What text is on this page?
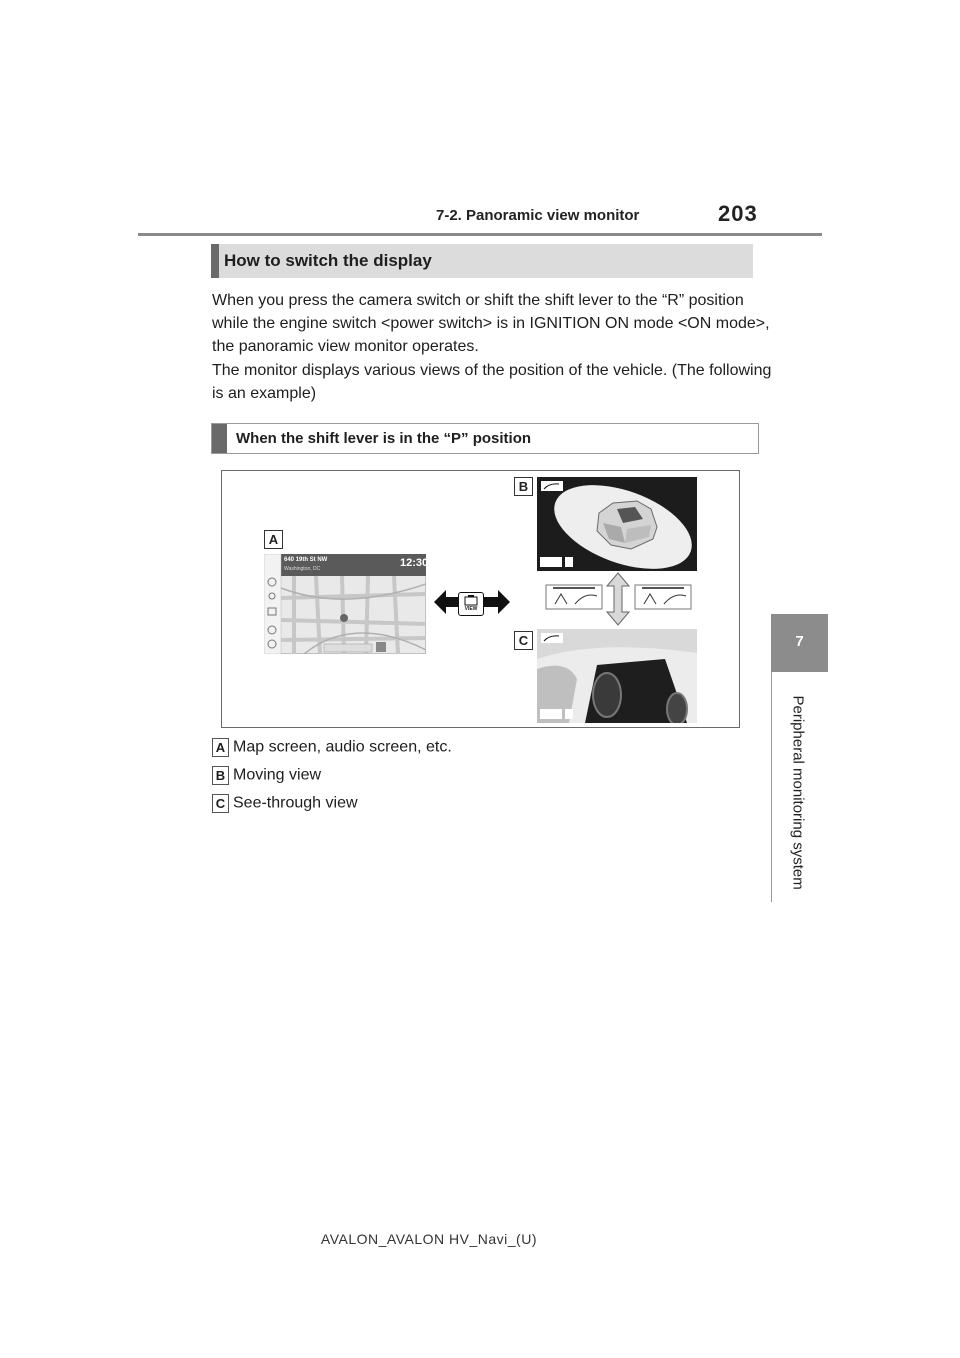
7-2. Panoramic view monitor	203
7
Peripheral monitoring system
How to switch the display
When you press the camera switch or shift the shift lever to the “R” position while the engine switch <power switch> is in IGNITION ON mode <ON mode>, the panoramic view monitor operates.
The monitor displays various views of the position of the vehicle. (The following is an example)
When the shift lever is in the “P” position
A
640 19th St NW
Washington, DC	12:30
VIEW
B
C
A Map screen, audio screen, etc.
B Moving view
C See-through view
AVALON_AVALON HV_Navi_(U)
